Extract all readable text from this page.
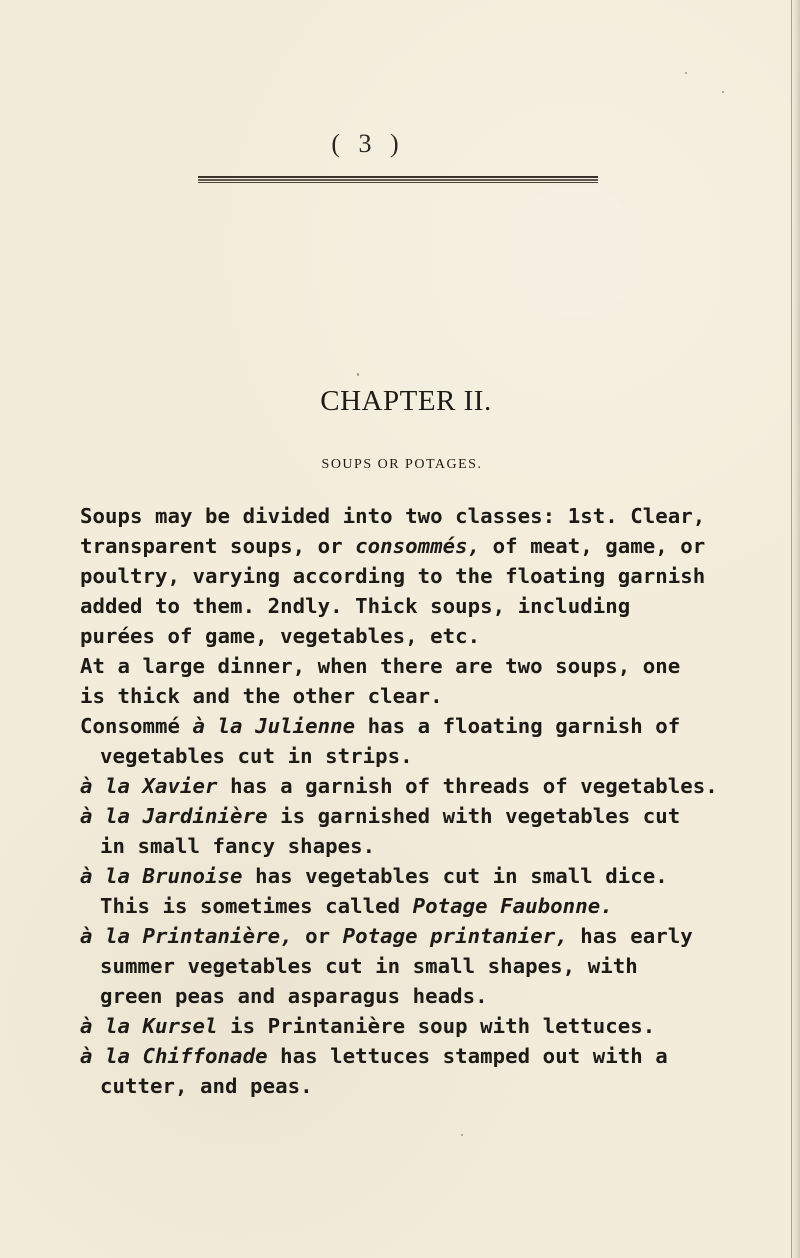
( 3 )
CHAPTER II.
SOUPS OR POTAGES.
Soups may be divided into two classes: 1st. Clear,
transparent soups, or consommés, of meat, game, or
poultry, varying according to the floating garnish
added to them. 2ndly. Thick soups, including
purées of game, vegetables, etc.
At a large dinner, when there are two soups, one
is thick and the other clear.
Consommé à la Julienne has a floating garnish of
vegetables cut in strips.
à la Xavier has a garnish of threads of vegetables.
à la Jardinière is garnished with vegetables cut
in small fancy shapes.
à la Brunoise has vegetables cut in small dice.
This is sometimes called Potage Faubonne.
à la Printanière, or Potage printanier, has early
summer vegetables cut in small shapes, with
green peas and asparagus heads.
à la Kursel is Printanière soup with lettuces.
à la Chiffonade has lettuces stamped out with a
cutter, and peas.
